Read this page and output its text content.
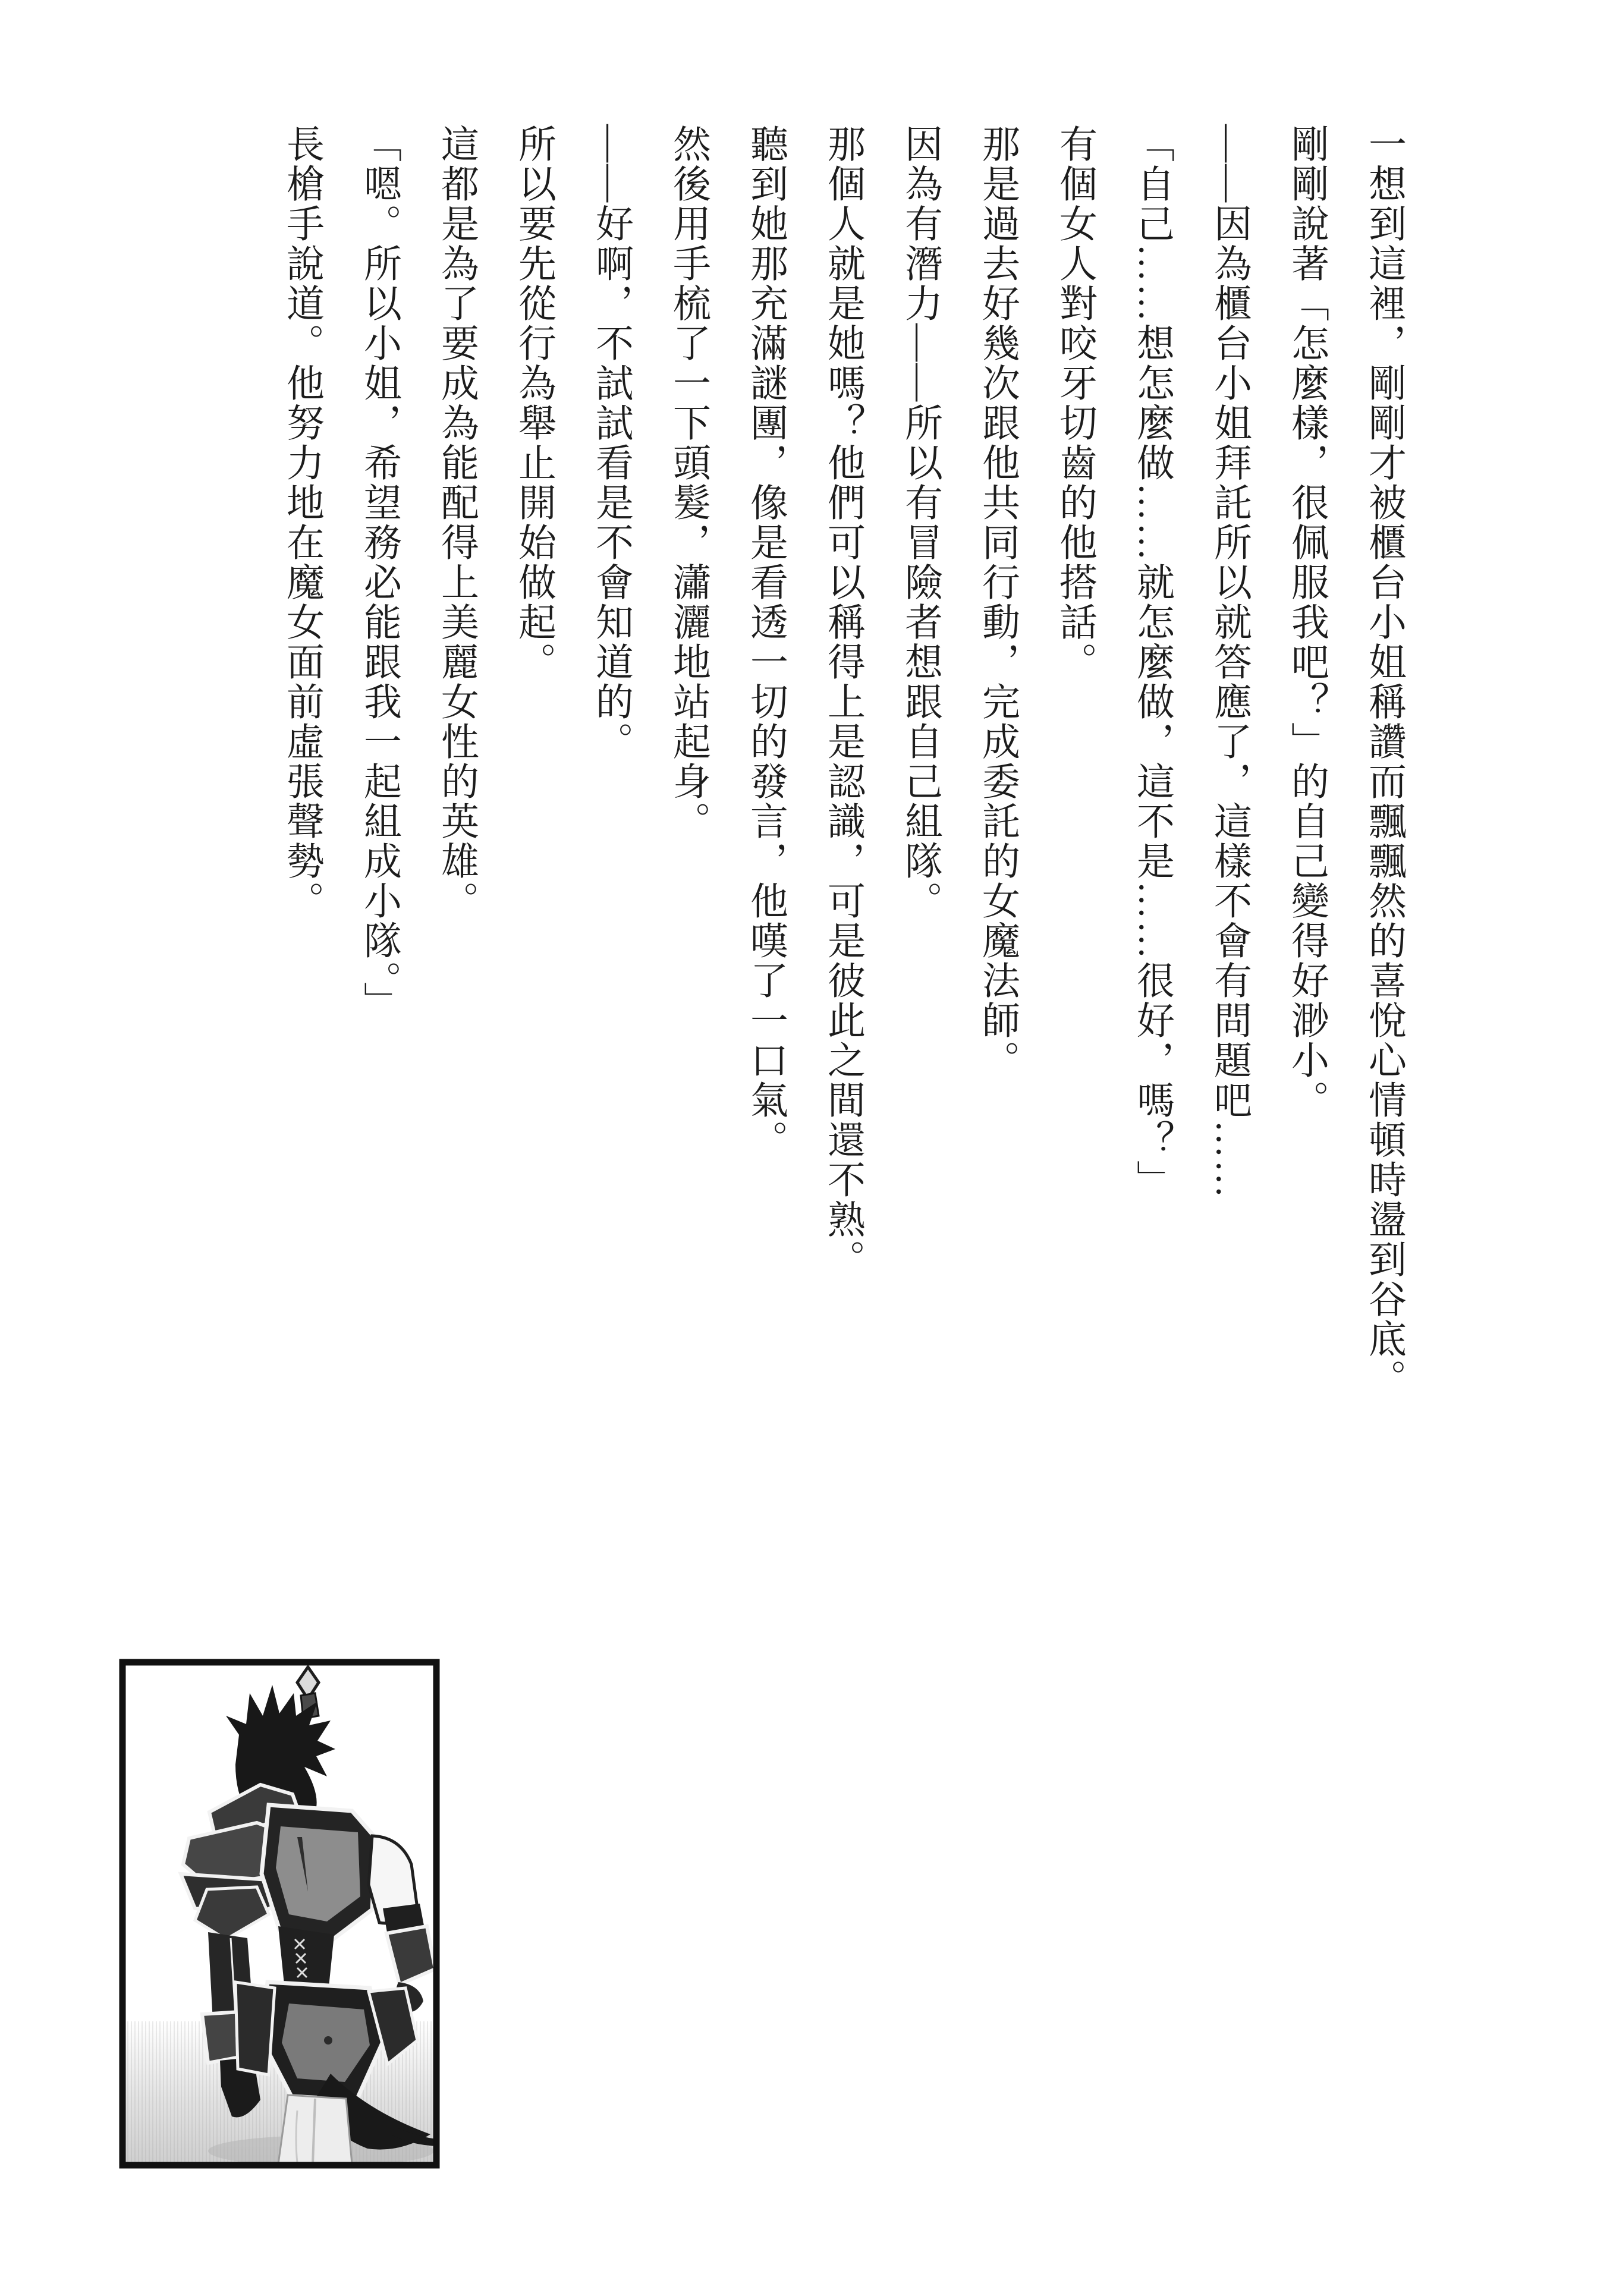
一想到這裡，剛剛才被櫃台小姐稱讚而飄飄然的喜悅心情頓時盪到谷底。

剛剛說著「怎麼樣，很佩服我吧？」的自己變得好渺小。

——因為櫃台小姐拜託所以就答應了，這樣不會有問題吧……

「自己……想怎麼做……就怎麼做，這不是……很好，嗎？」

有個女人對咬牙切齒的他搭話。

那是過去好幾次跟他共同行動，完成委託的女魔法師。

因為有潛力——所以有冒險者想跟自己組隊。

那個人就是她嗎？他們可以稱得上是認識，可是彼此之間還不熟。

聽到她那充滿謎團，像是看透一切的發言，他嘆了一口氣。

然後用手梳了一下頭髮，瀟灑地站起身。

——好啊，不試試看是不會知道的。

所以要先從行為舉止開始做起。

這都是為了要成為能配得上美麗女性的英雄。

「嗯。所以小姐，希望務必能跟我一起組成小隊。」

長槍手說道。他努力地在魔女面前虛張聲勢。
